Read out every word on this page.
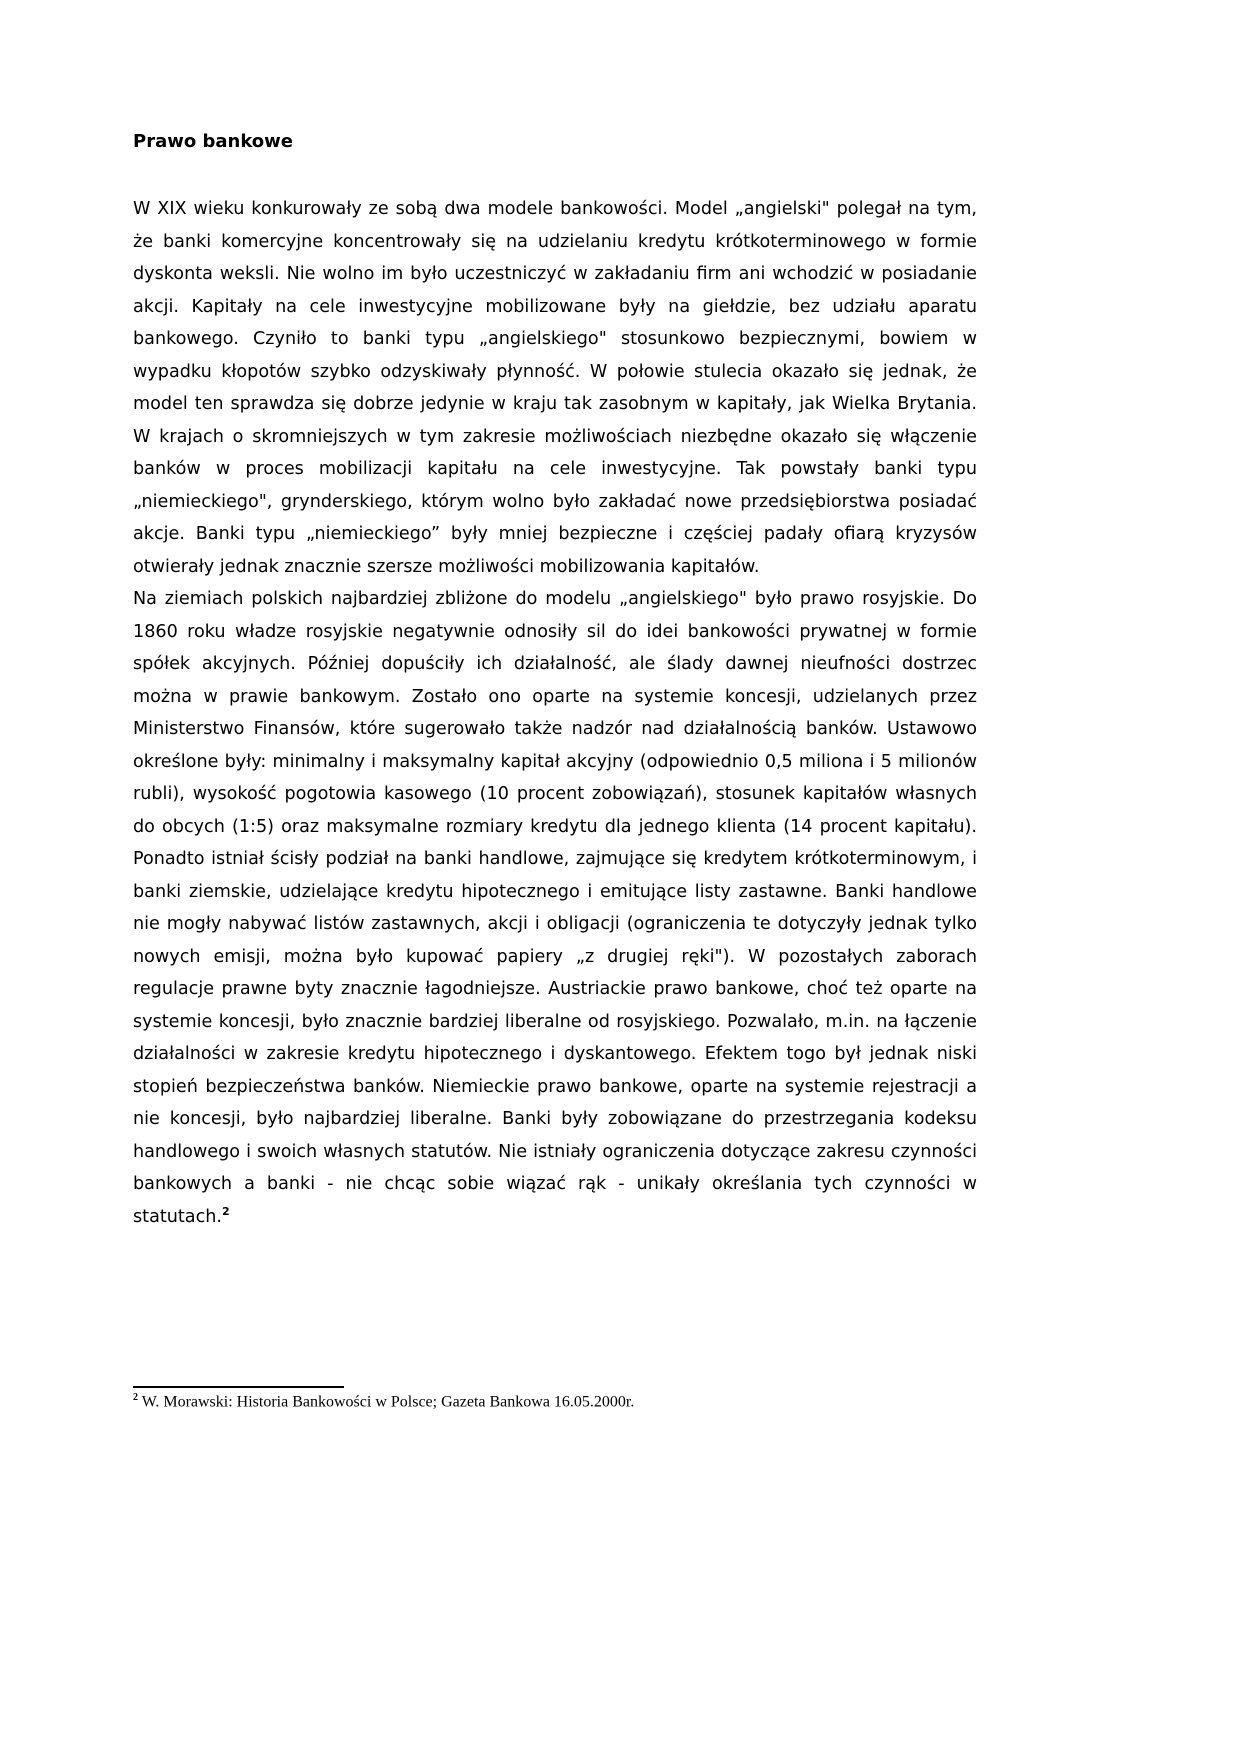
Prawo bankowe

W XIX wieku konkurowały ze sobą dwa modele bankowości. Model „angielski" polegał na tym, że banki komercyjne koncentrowały się na udzielaniu kredytu krótkoterminowego w formie dyskonta weksli. Nie wolno im było uczestniczyć w zakładaniu firm ani wchodzić w posiadanie akcji. Kapitały na cele inwestycyjne mobilizowane były na giełdzie, bez udziału aparatu bankowego. Czyniło to banki typu „angielskiego" stosunkowo bezpiecznymi, bowiem w wypadku kłopotów szybko odzyskiwały płynność. W połowie stulecia okazało się jednak, że model ten sprawdza się dobrze jedynie w kraju tak zasobnym w kapitały, jak Wielka Brytania. W krajach o skromniejszych w tym zakresie możliwościach niezbędne okazało się włączenie banków w proces mobilizacji kapitału na cele inwestycyjne. Tak powstały banki typu „niemieckiego", grynderskiego, którym wolno było zakładać nowe przedsiębiorstwa posiadać akcje. Banki typu „niemieckiego” były mniej bezpieczne i częściej padały ofiarą kryzysów otwierały jednak znacznie szersze możliwości mobilizowania kapitałów.

Na ziemiach polskich najbardziej zbliżone do modelu „angielskiego" było prawo rosyjskie. Do 1860 roku władze rosyjskie negatywnie odnosiły sil do idei bankowości prywatnej w formie spółek akcyjnych. Później dopuściły ich działalność, ale ślady dawnej nieufności dostrzec można w prawie bankowym. Zostało ono oparte na systemie koncesji, udzielanych przez Ministerstwo Finansów, które sugerowało także nadzór nad działalnością banków. Ustawowo określone były: minimalny i maksymalny kapitał akcyjny (odpowiednio 0,5 miliona i 5 milionów rubli), wysokość pogotowia kasowego (10 procent zobowiązań), stosunek kapitałów własnych do obcych (1:5) oraz maksymalne rozmiary kredytu dla jednego klienta (14 procent kapitału). Ponadto istniał ścisły podział na banki handlowe, zajmujące się kredytem krótkoterminowym, i banki ziemskie, udzielające kredytu hipotecznego i emitujące listy zastawne. Banki handlowe nie mogły nabywać listów zastawnych, akcji i obligacji (ograniczenia te dotyczyły jednak tylko nowych emisji, można było kupować papiery „z drugiej ręki"). W pozostałych zaborach regulacje prawne byty znacznie łagodniejsze. Austriackie prawo bankowe, choć też oparte na systemie koncesji, było znacznie bardziej liberalne od rosyjskiego. Pozwalało, m.in. na łączenie działalności w zakresie kredytu hipotecznego i dyskantowego. Efektem togo był jednak niski stopień bezpieczeństwa banków. Niemieckie prawo bankowe, oparte na systemie rejestracji a nie koncesji, było najbardziej liberalne. Banki były zobowiązane do przestrzegania kodeksu handlowego i swoich własnych statutów. Nie istniały ograniczenia dotyczące zakresu czynności bankowych a banki - nie chcąc sobie wiązać rąk - unikały określania tych czynności w statutach.$^2$

$^2$ W. Morawski: Historia Bankowości w Polsce; Gazeta Bankowa 16.05.2000r.
